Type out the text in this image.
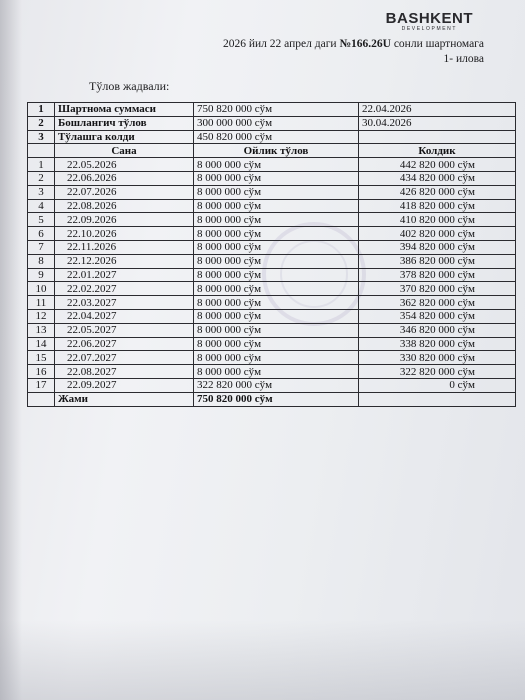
BASHKENT
DEVELOPMENT
2026 йил 22 апрел даги №166.26U сонли шартномага
1- илова
Тўлов жадвали:
1	Шартнома суммаси	750 820 000 сўм	22.04.2026
2	Бошлангич тўлов	300 000 000 сўм	30.04.2026
3	Тўлашга колди	450 820 000 сўм	
	Сана	Ойлик тўлов	Колдик
1	22.05.2026	8 000 000 сўм	442 820 000 сўм
2	22.06.2026	8 000 000 сўм	434 820 000 сўм
3	22.07.2026	8 000 000 сўм	426 820 000 сўм
4	22.08.2026	8 000 000 сўм	418 820 000 сўм
5	22.09.2026	8 000 000 сўм	410 820 000 сўм
6	22.10.2026	8 000 000 сўм	402 820 000 сўм
7	22.11.2026	8 000 000 сўм	394 820 000 сўм
8	22.12.2026	8 000 000 сўм	386 820 000 сўм
9	22.01.2027	8 000 000 сўм	378 820 000 сўм
10	22.02.2027	8 000 000 сўм	370 820 000 сўм
11	22.03.2027	8 000 000 сўм	362 820 000 сўм
12	22.04.2027	8 000 000 сўм	354 820 000 сўм
13	22.05.2027	8 000 000 сўм	346 820 000 сўм
14	22.06.2027	8 000 000 сўм	338 820 000 сўм
15	22.07.2027	8 000 000 сўм	330 820 000 сўм
16	22.08.2027	8 000 000 сўм	322 820 000 сўм
17	22.09.2027	322 820 000 сўм	0 сўм
	Жами	750 820 000 сўм	
